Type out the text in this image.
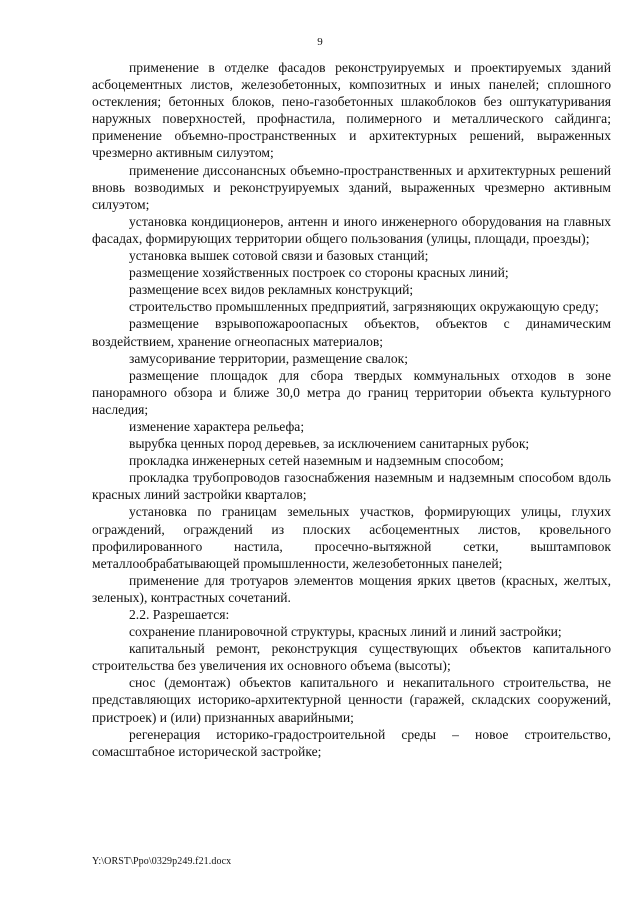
9

применение в отделке фасадов реконструируемых и проектируемых зданий асбоцементных листов, железобетонных, композитных и иных панелей; сплошного остекления; бетонных блоков, пено-газобетонных шлакоблоков без оштукатуривания наружных поверхностей, профнастила, полимерного и металлического сайдинга; применение объемно-пространственных и архитектурных решений, выраженных чрезмерно активным силуэтом;

применение диссонансных объемно-пространственных и архитектурных решений вновь возводимых и реконструируемых зданий, выраженных чрезмерно активным силуэтом;

установка кондиционеров, антенн и иного инженерного оборудования на главных фасадах, формирующих территории общего пользования (улицы, площади, проезды);

установка вышек сотовой связи и базовых станций;

размещение хозяйственных построек со стороны красных линий;

размещение всех видов рекламных конструкций;

строительство промышленных предприятий, загрязняющих окружающую среду;

размещение взрывопожароопасных объектов, объектов с динамическим воздействием, хранение огнеопасных материалов;

замусоривание территории, размещение свалок;

размещение площадок для сбора твердых коммунальных отходов в зоне панорамного обзора и ближе 30,0 метра до границ территории объекта культурного наследия;

изменение характера рельефа;

вырубка ценных пород деревьев, за исключением санитарных рубок;

прокладка инженерных сетей наземным и надземным способом;

прокладка трубопроводов газоснабжения наземным и надземным способом вдоль красных линий застройки кварталов;

установка по границам земельных участков, формирующих улицы, глухих ограждений, ограждений из плоских асбоцементных листов, кровельного профилированного настила, просечно-вытяжной сетки, выштамповок металлообрабатывающей промышленности, железобетонных панелей;

применение для тротуаров элементов мощения ярких цветов (красных, желтых, зеленых), контрастных сочетаний.

2.2. Разрешается:

сохранение планировочной структуры, красных линий и линий застройки;

капитальный ремонт, реконструкция существующих объектов капитального строительства без увеличения их основного объема (высоты);

снос (демонтаж) объектов капитального и некапитального строительства, не представляющих историко-архитектурной ценности (гаражей, складских сооружений, пристроек) и (или) признанных аварийными;

регенерация историко-градостроительной среды – новое строительство, сомасштабное исторической застройке;

Y:\ORST\Ppo\0329p249.f21.docx
